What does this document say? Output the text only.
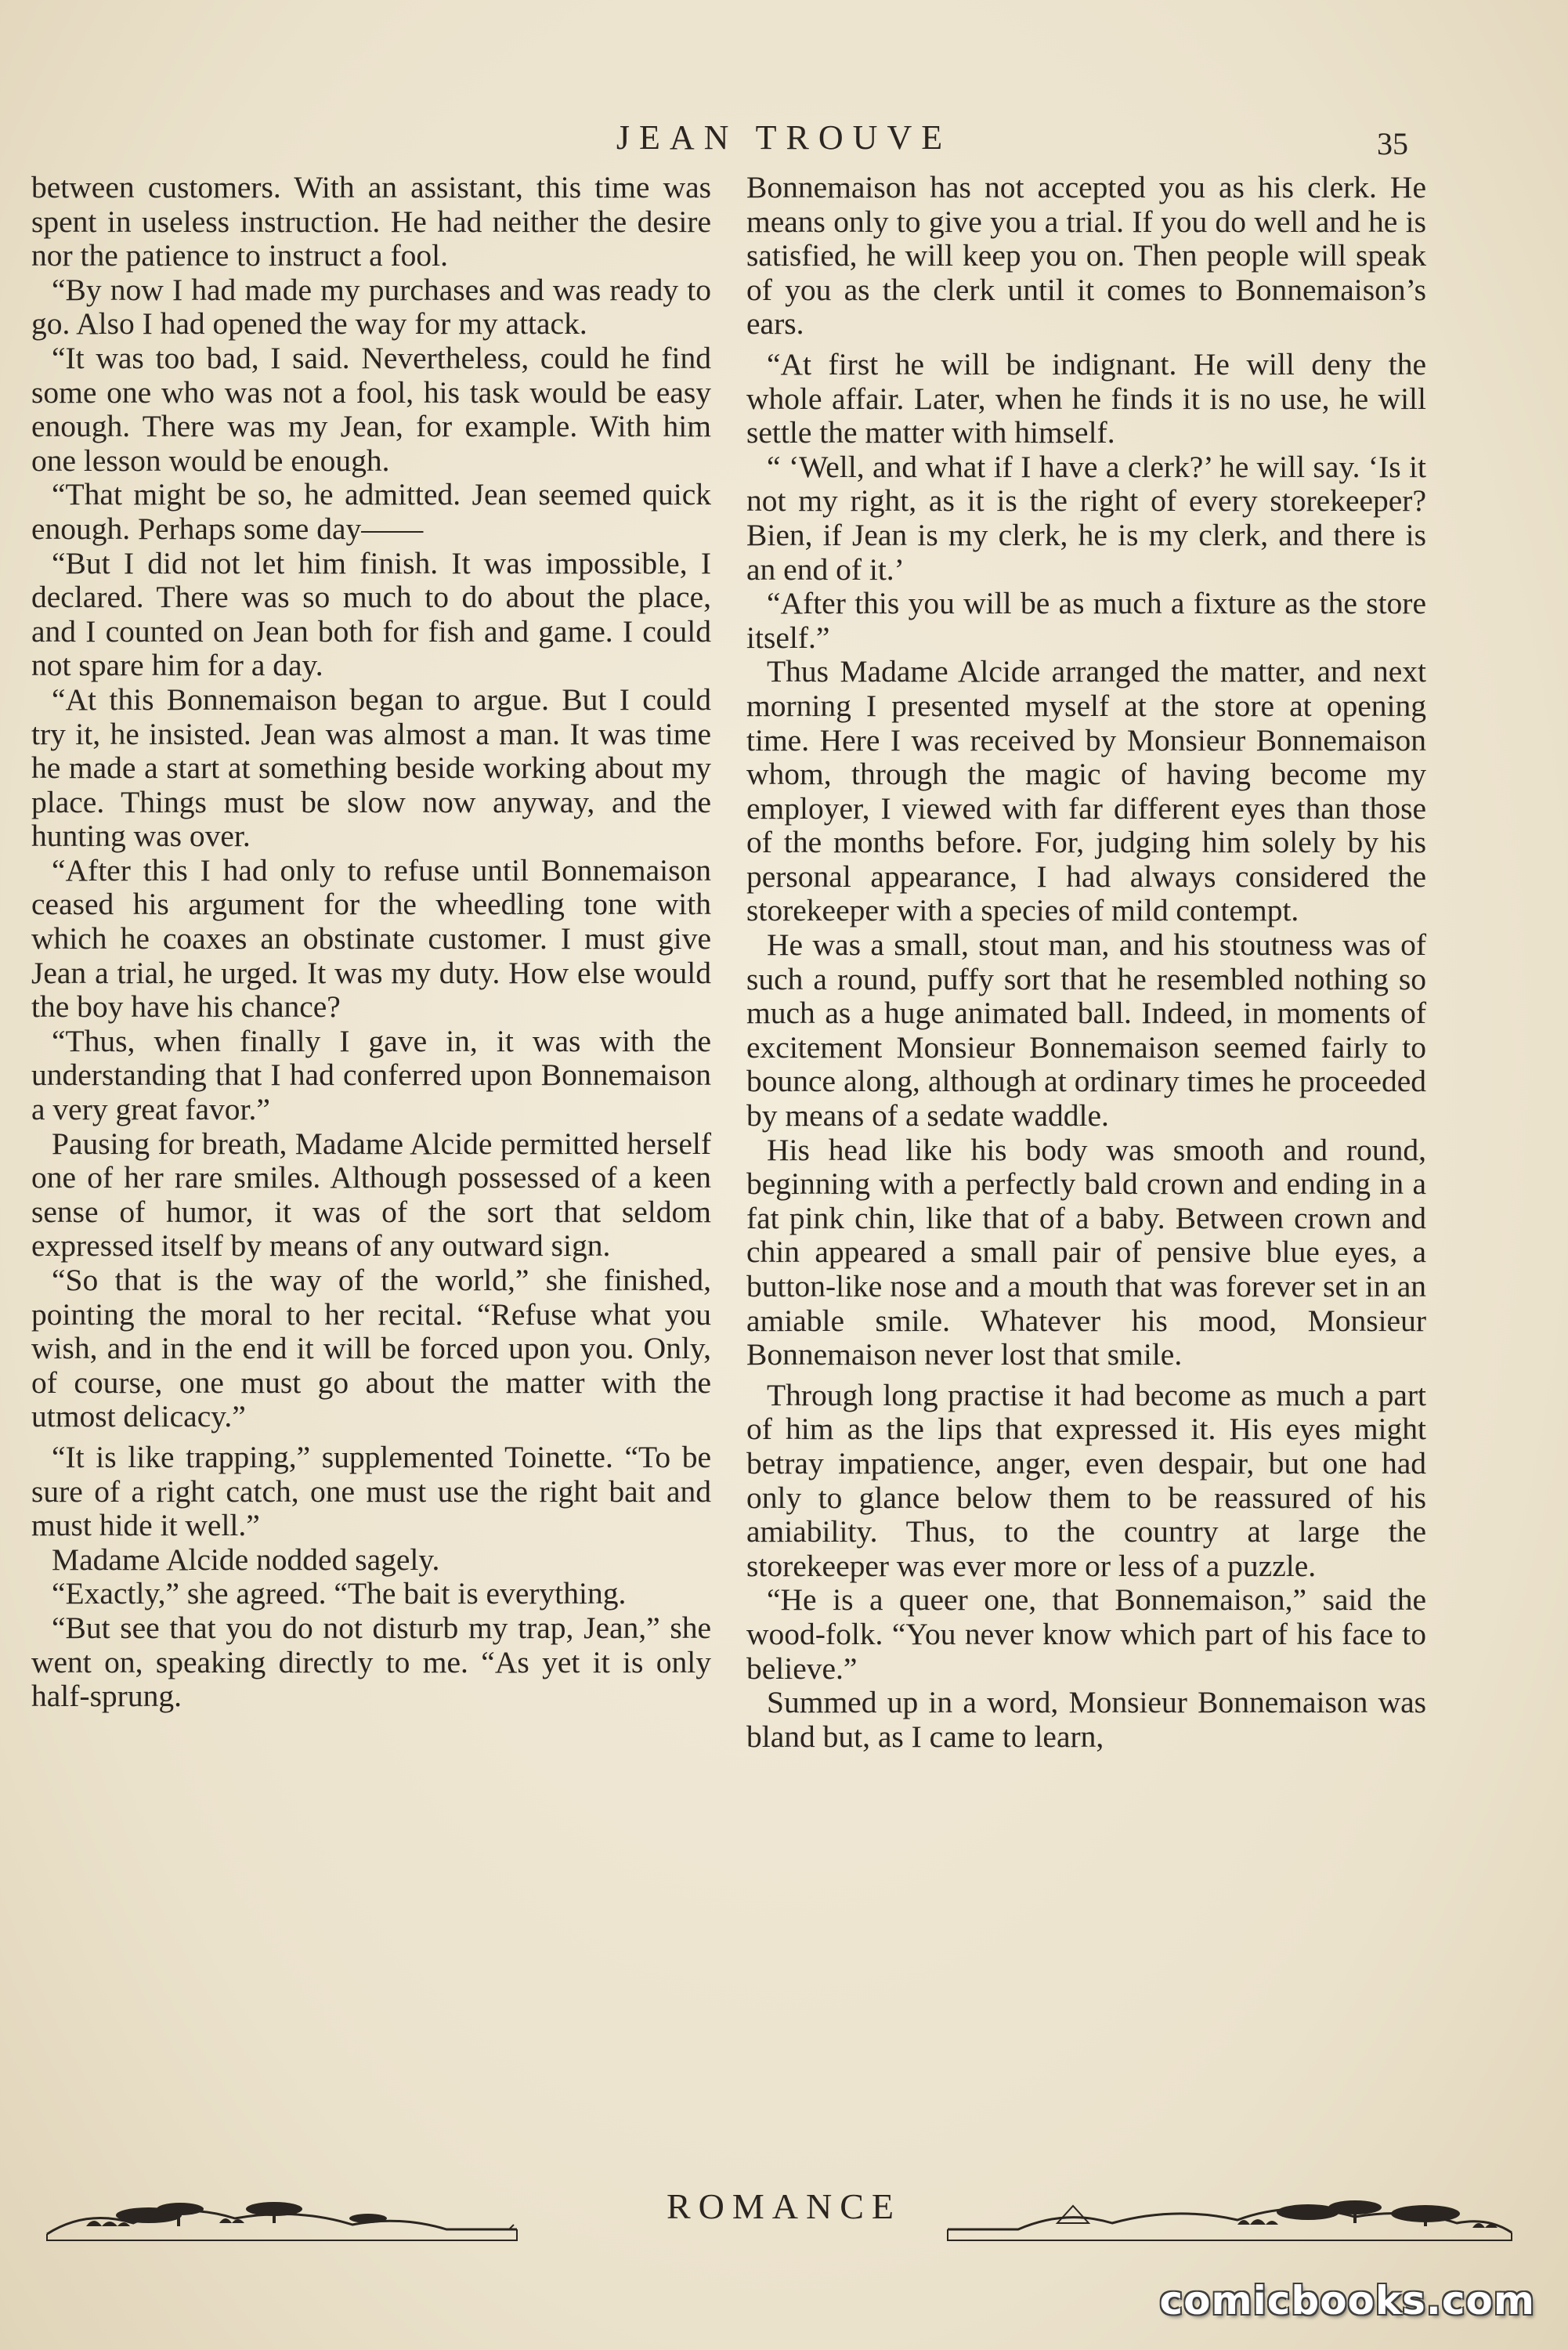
JEAN TROUVE	35

between customers. With an assistant, this time was spent in useless instruction. He had neither the desire nor the patience to instruct a fool.

“By now I had made my purchases and was ready to go. Also I had opened the way for my attack.

“It was too bad, I said. Nevertheless, could he find some one who was not a fool, his task would be easy enough. There was my Jean, for example. With him one lesson would be enough.

“That might be so, he admitted. Jean seemed quick enough. Perhaps some day——

“But I did not let him finish. It was impossible, I declared. There was so much to do about the place, and I counted on Jean both for fish and game. I could not spare him for a day.

“At this Bonnemaison began to argue. But I could try it, he insisted. Jean was almost a man. It was time he made a start at something beside working about my place. Things must be slow now anyway, and the hunting was over.

“After this I had only to refuse until Bonnemaison ceased his argument for the wheedling tone with which he coaxes an obstinate customer. I must give Jean a trial, he urged. It was my duty. How else would the boy have his chance?

“Thus, when finally I gave in, it was with the understanding that I had conferred upon Bonnemaison a very great favor.”

Pausing for breath, Madame Alcide permitted herself one of her rare smiles. Although possessed of a keen sense of humor, it was of the sort that seldom expressed itself by means of any outward sign.

“So that is the way of the world,” she finished, pointing the moral to her recital. “Refuse what you wish, and in the end it will be forced upon you. Only, of course, one must go about the matter with the utmost delicacy.”

“It is like trapping,” supplemented Toinette. “To be sure of a right catch, one must use the right bait and must hide it well.”

Madame Alcide nodded sagely.

“Exactly,” she agreed. “The bait is everything.

“But see that you do not disturb my trap, Jean,” she went on, speaking directly to me. “As yet it is only half-sprung.

Bonnemaison has not accepted you as his clerk. He means only to give you a trial. If you do well and he is satisfied, he will keep you on. Then people will speak of you as the clerk until it comes to Bonnemaison’s ears.

“At first he will be indignant. He will deny the whole affair. Later, when he finds it is no use, he will settle the matter with himself.

“ ‘Well, and what if I have a clerk?’ he will say. ‘Is it not my right, as it is the right of every storekeeper? Bien, if Jean is my clerk, he is my clerk, and there is an end of it.’

“After this you will be as much a fixture as the store itself.”

Thus Madame Alcide arranged the matter, and next morning I presented myself at the store at opening time. Here I was received by Monsieur Bonnemaison whom, through the magic of having become my employer, I viewed with far different eyes than those of the months before. For, judging him solely by his personal appearance, I had always considered the storekeeper with a species of mild contempt.

He was a small, stout man, and his stoutness was of such a round, puffy sort that he resembled nothing so much as a huge animated ball. Indeed, in moments of excitement Monsieur Bonnemaison seemed fairly to bounce along, although at ordinary times he proceeded by means of a sedate waddle.

His head like his body was smooth and round, beginning with a perfectly bald crown and ending in a fat pink chin, like that of a baby. Between crown and chin appeared a small pair of pensive blue eyes, a button-like nose and a mouth that was forever set in an amiable smile. Whatever his mood, Monsieur Bonnemaison never lost that smile.

Through long practise it had become as much a part of him as the lips that expressed it. His eyes might betray impatience, anger, even despair, but one had only to glance below them to be reassured of his amiability. Thus, to the country at large the storekeeper was ever more or less of a puzzle.

“He is a queer one, that Bonnemaison,” said the wood-folk. “You never know which part of his face to believe.”

Summed up in a word, Monsieur Bonnemaison was bland but, as I came to learn,

ROMANCE
comicbooks.com
